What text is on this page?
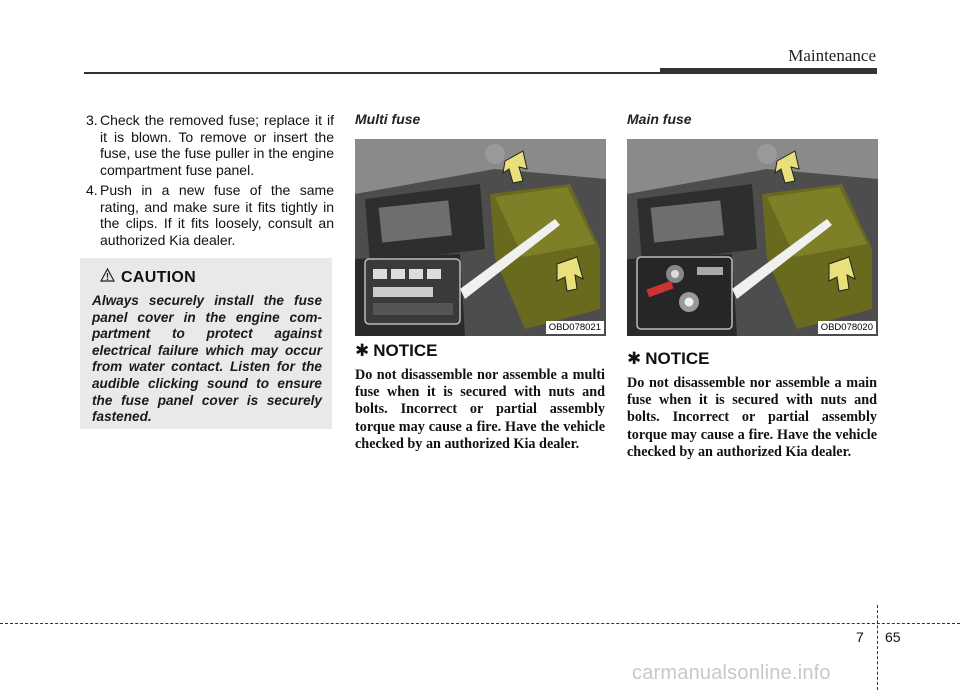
Maintenance
3. Check the removed fuse; replace it if it is blown. To remove or insert the fuse, use the fuse puller in the engine compartment fuse panel.
4. Push in a new fuse of the same rating, and make sure it fits tightly in the clips. If it fits loosely, consult an authorized Kia dealer.
CAUTION
Always securely install the fuse panel cover in the engine com-partment to protect against electrical failure which may occur from water contact. Listen for the audible clicking sound to ensure the fuse panel cover is securely fastened.
Multi fuse
OBD078021
✱ NOTICE
Do not disassemble nor assemble a multi fuse when it is secured with nuts and bolts. Incorrect or partial assembly torque may cause a fire. Have the vehicle checked by an authorized Kia dealer.
Main fuse
OBD078020
✱ NOTICE
Do not disassemble nor assemble a main fuse when it is secured with nuts and bolts. Incorrect or partial assembly torque may cause a fire. Have the vehicle checked by an authorized Kia dealer.
7 65
carmanualsonline.info
